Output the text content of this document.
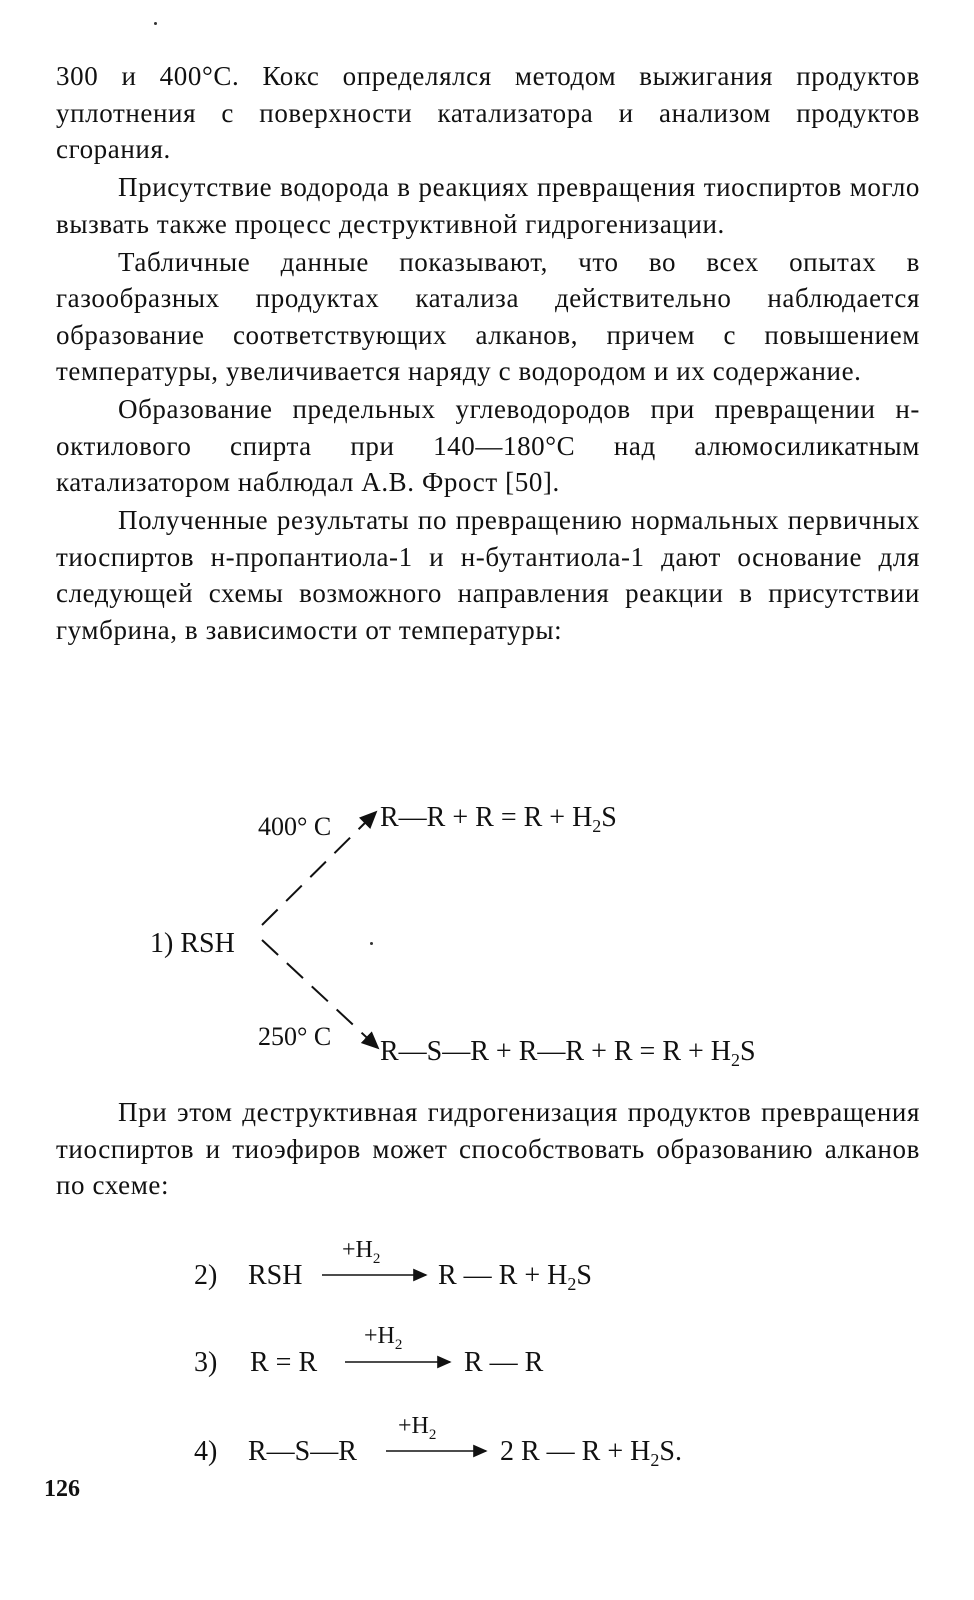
300 и 400°С. Кокс определялся методом выжигания продуктов уплотнения с поверхности катализатора и анализом продуктов сгорания.

Присутствие водорода в реакциях превращения тиоспиртов могло вызвать также процесс деструктивной гидрогенизации.

Табличные данные показывают, что во всех опытах в газообразных продуктах катализа действительно наблюдается образование соответствующих алканов, причем с повышением температуры, увеличивается наряду с водородом и их содержание.

Образование предельных углеводородов при превращении н- октилового спирта при 140—180°С над алюмосиликатным катализатором наблюдал А.В. Фрост [50].

Полученные результаты по превращению нормальных первичных тиоспиртов н-пропантиола-1 и н-бутантиола-1 дают основание для следующей схемы возможного направления реакции в присутствии гумбрина, в зависимости от температуры:

1) RSH
400° C R—R + $R = R + H_2S$
250° C R—S—R + R—R + $R = R + H_2S$

При этом деструктивная гидрогенизация продуктов превращения тиоспиртов и тиоэфиров может способствовать образованию алканов по схеме:

2) RSH
$+H_2$
R — $R + H_2S$
3) R = R
$+H_2$
R — R
4) R—S—R
$+H_2$
2 R — $R + H_2S$.
126
